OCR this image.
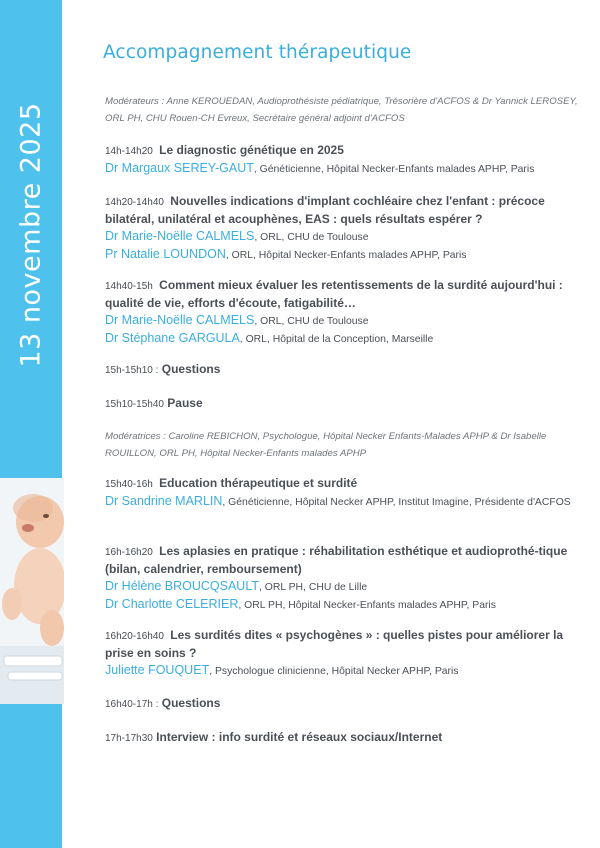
13 novembre 2025
Accompagnement thérapeutique
Modérateurs : Anne KEROUEDAN, Audioprothésiste pédiatrique, Trésorière d'ACFOS & Dr Yannick LEROSEY, ORL PH, CHU Rouen-CH Evreux, Secrétaire général adjoint d'ACFOS
14h-14h20 Le diagnostic génétique en 2025
Dr Margaux SEREY-GAUT, Généticienne, Hôpital Necker-Enfants malades APHP, Paris
14h20-14h40 Nouvelles indications d'implant cochléaire chez l'enfant : précoce bilatéral, unilatéral et acouphènes, EAS : quels résultats espérer ?
Dr Marie-Noëlle CALMELS, ORL, CHU de Toulouse
Pr Natalie LOUNDON, ORL, Hôpital Necker-Enfants malades APHP, Paris
14h40-15h Comment mieux évaluer les retentissements de la surdité aujourd'hui : qualité de vie, efforts d'écoute, fatigabilité…
Dr Marie-Noëlle CALMELS, ORL, CHU de Toulouse
Dr Stéphane GARGULA, ORL, Hôpital de la Conception, Marseille
15h-15h10 : Questions
15h10-15h40 Pause
Modératrices : Caroline REBICHON, Psychologue, Hôpital Necker Enfants-Malades APHP & Dr Isabelle ROUILLON, ORL PH, Hôpital Necker-Enfants malades APHP
15h40-16h Education thérapeutique et surdité
Dr Sandrine MARLIN, Généticienne, Hôpital Necker APHP, Institut Imagine, Présidente d'ACFOS
16h-16h20 Les aplasies en pratique : réhabilitation esthétique et audioprothé-tique (bilan, calendrier, remboursement)
Dr Hélène BROUCQSAULT, ORL PH, CHU de Lille
Dr Charlotte CELERIER, ORL PH, Hôpital Necker-Enfants malades APHP, Paris
16h20-16h40 Les surdités dites « psychogènes » : quelles pistes pour améliorer la prise en soins ?
Juliette FOUQUET, Psychologue clinicienne, Hôpital Necker APHP, Paris
16h40-17h : Questions
17h-17h30 Interview : info surdité et réseaux sociaux/Internet
